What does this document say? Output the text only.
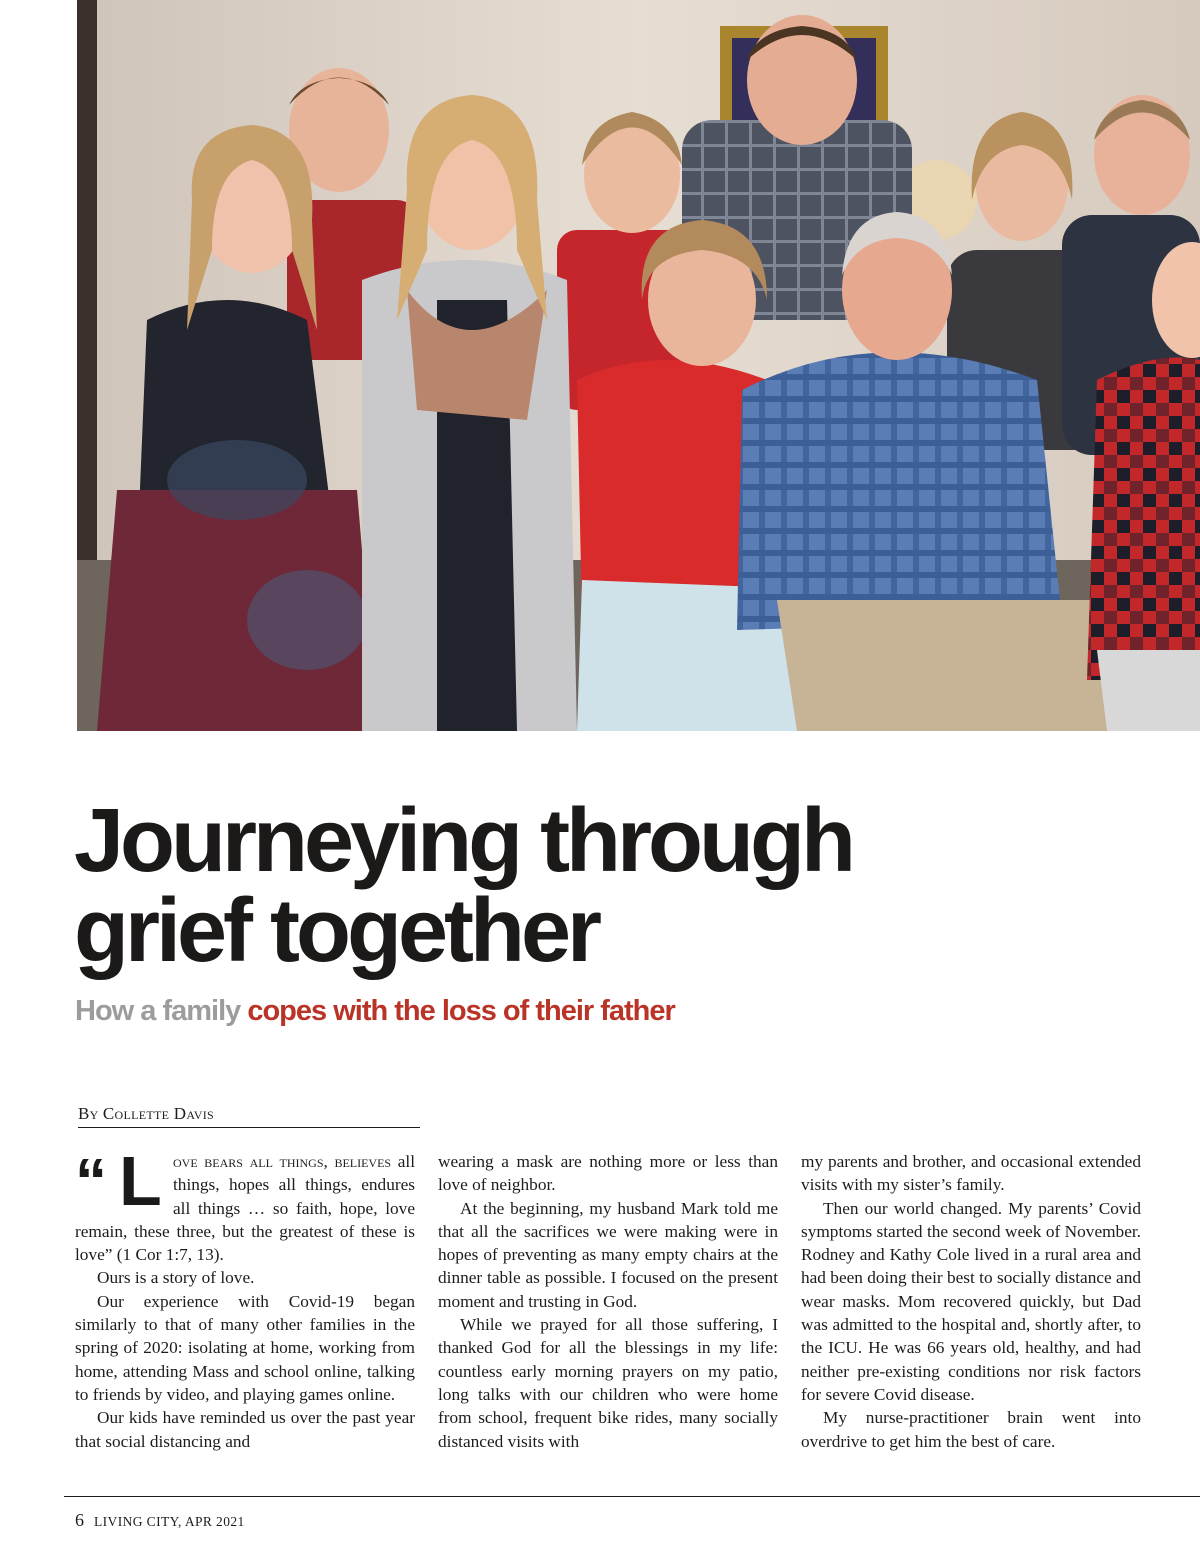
Journeying through
grief together
How a family copes with the loss of their father
By Collette Davis

“ L ove bears all things, believes all things, hopes all things, endures all things … so faith, hope, love remain, these three, but the greatest of these is love” (1 Cor 1:7, 13).

Ours is a story of love.

Our experience with Covid-19 began similarly to that of many other families in the spring of 2020: isolating at home, working from home, attending Mass and school online, talking to friends by video, and playing games online.

Our kids have reminded us over the past year that social distancing and

wearing a mask are nothing more or less than love of neighbor.

At the beginning, my husband Mark told me that all the sacrifices we were making were in hopes of preventing as many empty chairs at the dinner table as possible. I focused on the present moment and trusting in God.

While we prayed for all those suffering, I thanked God for all the blessings in my life: countless early morning prayers on my patio, long talks with our children who were home from school, frequent bike rides, many socially distanced visits with

my parents and brother, and occasional extended visits with my sister’s family.

Then our world changed. My parents’ Covid symptoms started the second week of November. Rodney and Kathy Cole lived in a rural area and had been doing their best to socially distance and wear masks. Mom recovered quickly, but Dad was admitted to the hospital and, shortly after, to the ICU. He was 66 years old, healthy, and had neither pre-existing conditions nor risk factors for severe Covid disease.

My nurse-practitioner brain went into overdrive to get him the best of care.

6 LIVING CITY, APR 2021
